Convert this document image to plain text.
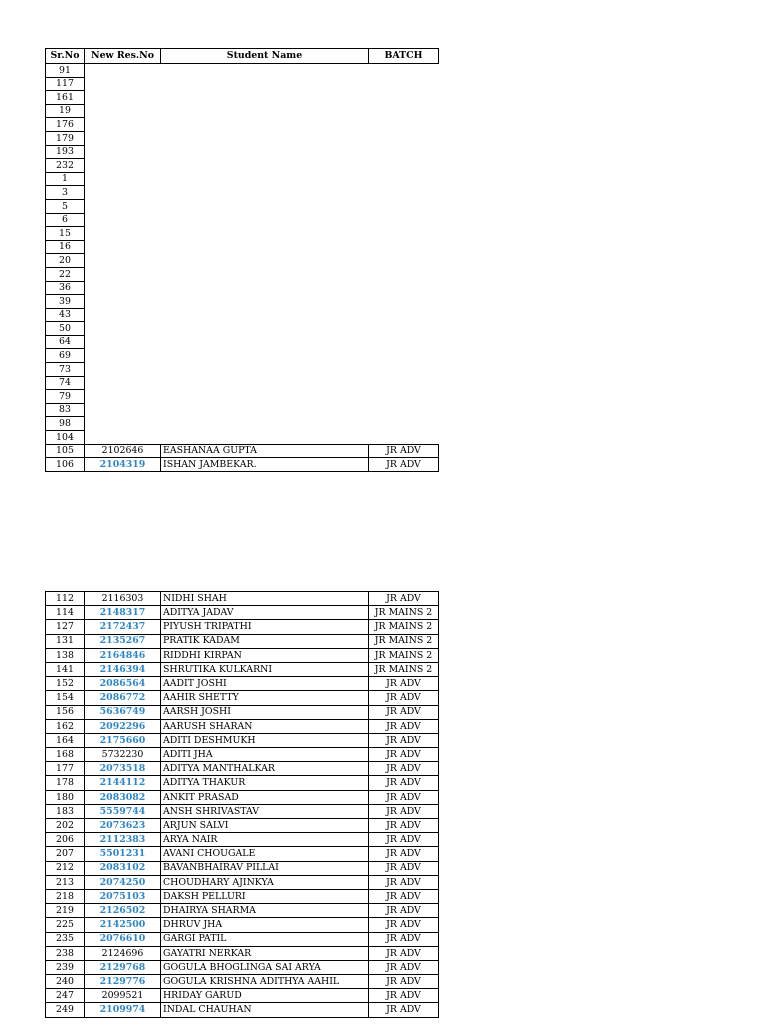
Sr.No	New Res.No	Student Name	BATCH
91			
117			
161			
19			
176			
179			
193			
232			
1			
3			
5			
6			
15			
16			
20			
22			
36			
39			
43			
50			
64			
69			
73			
74			
79			
83			
98			
104			
105	2102646	EASHANAA GUPTA	JR ADV
106	2104319	ISHAN JAMBEKAR.	JR ADV
112	2116303	NIDHI SHAH	JR ADV
114	2148317	ADITYA JADAV	JR MAINS 2
127	2172437	PIYUSH TRIPATHI	JR MAINS 2
131	2135267	PRATIK KADAM	JR MAINS 2
138	2164846	RIDDHI KIRPAN	JR MAINS 2
141	2146394	SHRUTIKA KULKARNI	JR MAINS 2
152	2086564	AADIT JOSHI	JR ADV
154	2086772	AAHIR SHETTY	JR ADV
156	5636749	AARSH JOSHI	JR ADV
162	2092296	AARUSH SHARAN	JR ADV
164	2175660	ADITI DESHMUKH	JR ADV
168	5732230	ADITI JHA	JR ADV
177	2073518	ADITYA MANTHALKAR	JR ADV
178	2144112	ADITYA THAKUR	JR ADV
180	2083082	ANKIT PRASAD	JR ADV
183	5559744	ANSH SHRIVASTAV	JR ADV
202	2073623	ARJUN SALVI	JR ADV
206	2112383	ARYA NAIR	JR ADV
207	5501231	AVANI CHOUGALE	JR ADV
212	2083102	BAVANBHAIRAV PILLAI	JR ADV
213	2074250	CHOUDHARY AJINKYA	JR ADV
218	2075103	DAKSH PELLURI	JR ADV
219	2126502	DHAIRYA SHARMA	JR ADV
225	2142500	DHRUV JHA	JR ADV
235	2076610	GARGI PATIL	JR ADV
238	2124696	GAYATRI NERKAR	JR ADV
239	2129768	GOGULA BHOGLINGA SAI ARYA	JR ADV
240	2129776	GOGULA KRISHNA ADITHYA AAHIL	JR ADV
247	2099521	HRIDAY GARUD	JR ADV
249	2109974	INDAL CHAUHAN	JR ADV
